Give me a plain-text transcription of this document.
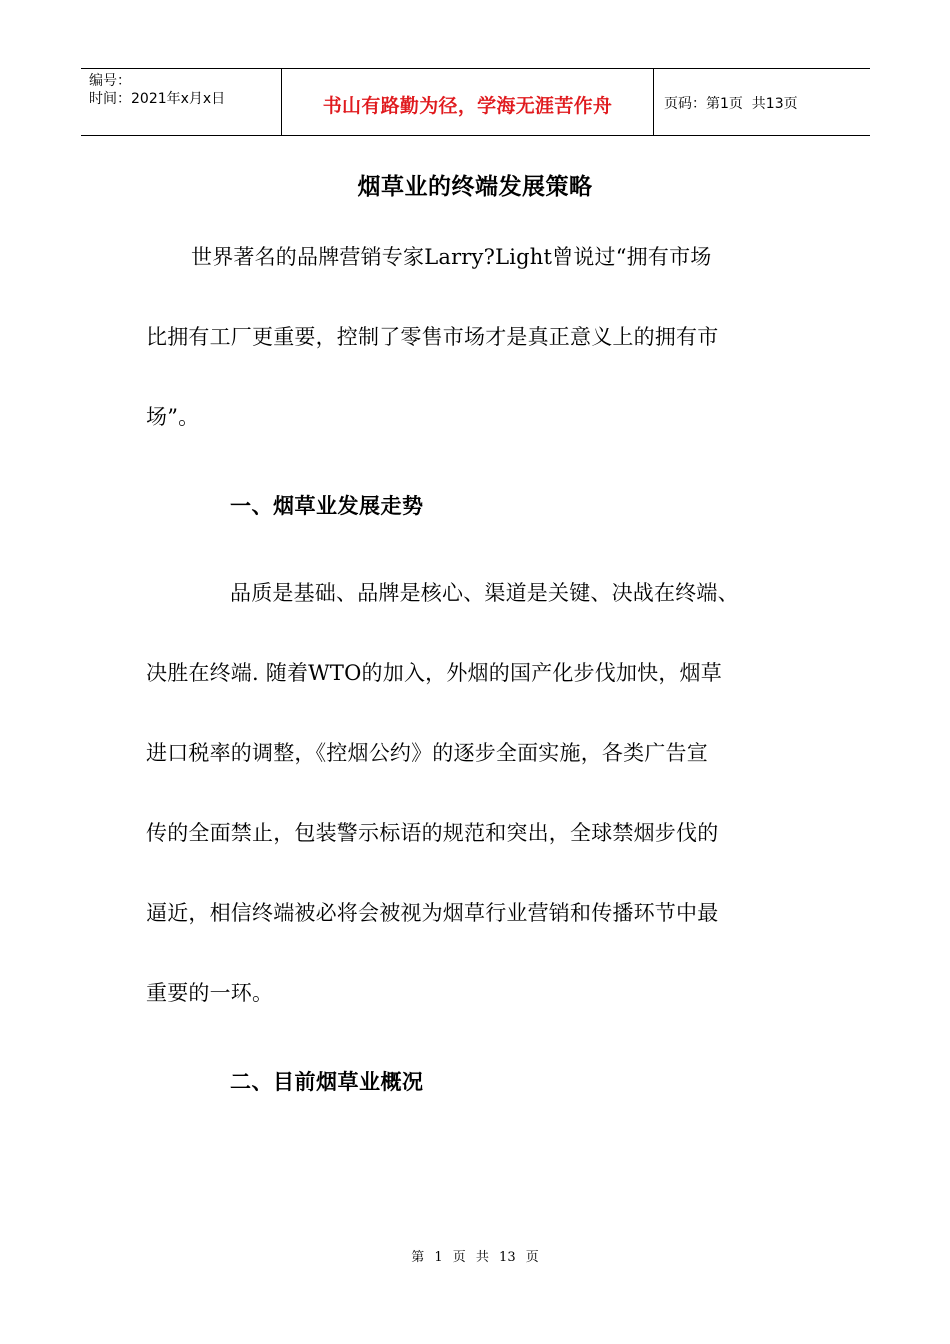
编号：
时间：2021年x月x日	书山有路勤为径，学海无涯苦作舟	页码：第1页  共13页
烟草业的终端发展策略
世界著名的品牌营销专家Larry?Light曾说过“拥有市场
比拥有工厂更重要，控制了零售市场才是真正意义上的拥有市
场”。
一、烟草业发展走势
品质是基础、品牌是核心、渠道是关键、决战在终端、
决胜在终端. 随着WTO的加入，外烟的国产化步伐加快，烟草
进口税率的调整，《控烟公约》的逐步全面实施，各类广告宣
传的全面禁止，包装警示标语的规范和突出，全球禁烟步伐的
逼近，相信终端被必将会被视为烟草行业营销和传播环节中最
重要的一环。
二、目前烟草业概况
第 1 页 共 13 页
